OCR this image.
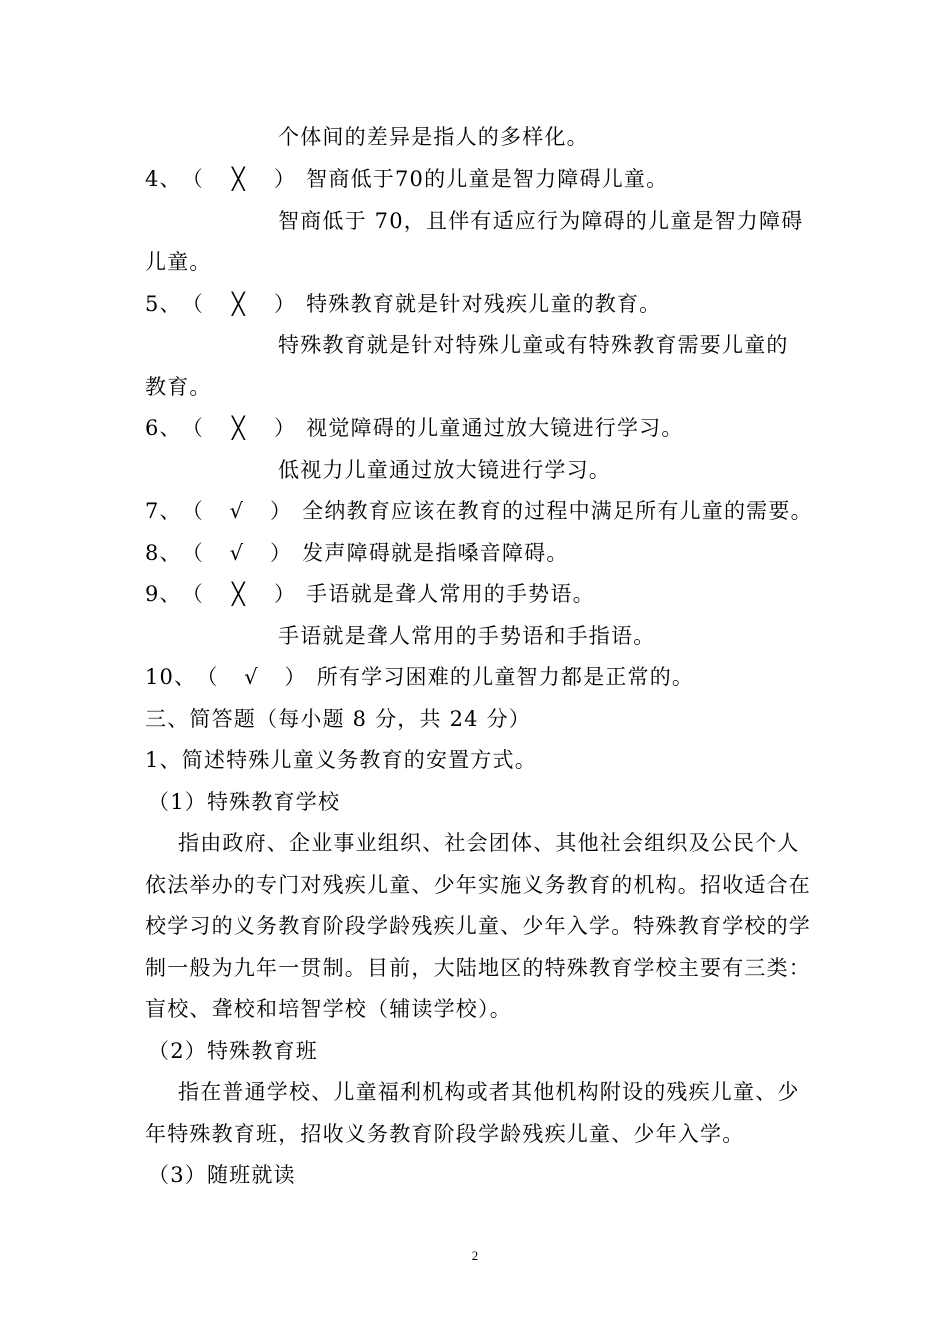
个体间的差异是指人的多样化。
4、（ ╳ ） 智商低于70的儿童是智力障碍儿童。
智商低于 70，且伴有适应行为障碍的儿童是智力障碍
儿童。
5、（ ╳ ） 特殊教育就是针对残疾儿童的教育。
特殊教育就是针对特殊儿童或有特殊教育需要儿童的
教育。
6、（ ╳ ） 视觉障碍的儿童通过放大镜进行学习。
低视力儿童通过放大镜进行学习。
7、（ √ ） 全纳教育应该在教育的过程中满足所有儿童的需要。
8、（ √ ） 发声障碍就是指嗓音障碍。
9、（ ╳ ） 手语就是聋人常用的手势语。
手语就是聋人常用的手势语和手指语。
10、（ √ ） 所有学习困难的儿童智力都是正常的。
三、简答题（每小题 8 分，共 24 分）
1、简述特殊儿童义务教育的安置方式。
（1）特殊教育学校
指由政府、企业事业组织、社会团体、其他社会组织及公民个人
依法举办的专门对残疾儿童、少年实施义务教育的机构。招收适合在
校学习的义务教育阶段学龄残疾儿童、少年入学。特殊教育学校的学
制一般为九年一贯制。目前，大陆地区的特殊教育学校主要有三类：
盲校、聋校和培智学校（辅读学校）。
（2）特殊教育班
指在普通学校、儿童福利机构或者其他机构附设的残疾儿童、少
年特殊教育班，招收义务教育阶段学龄残疾儿童、少年入学。
（3）随班就读
2
